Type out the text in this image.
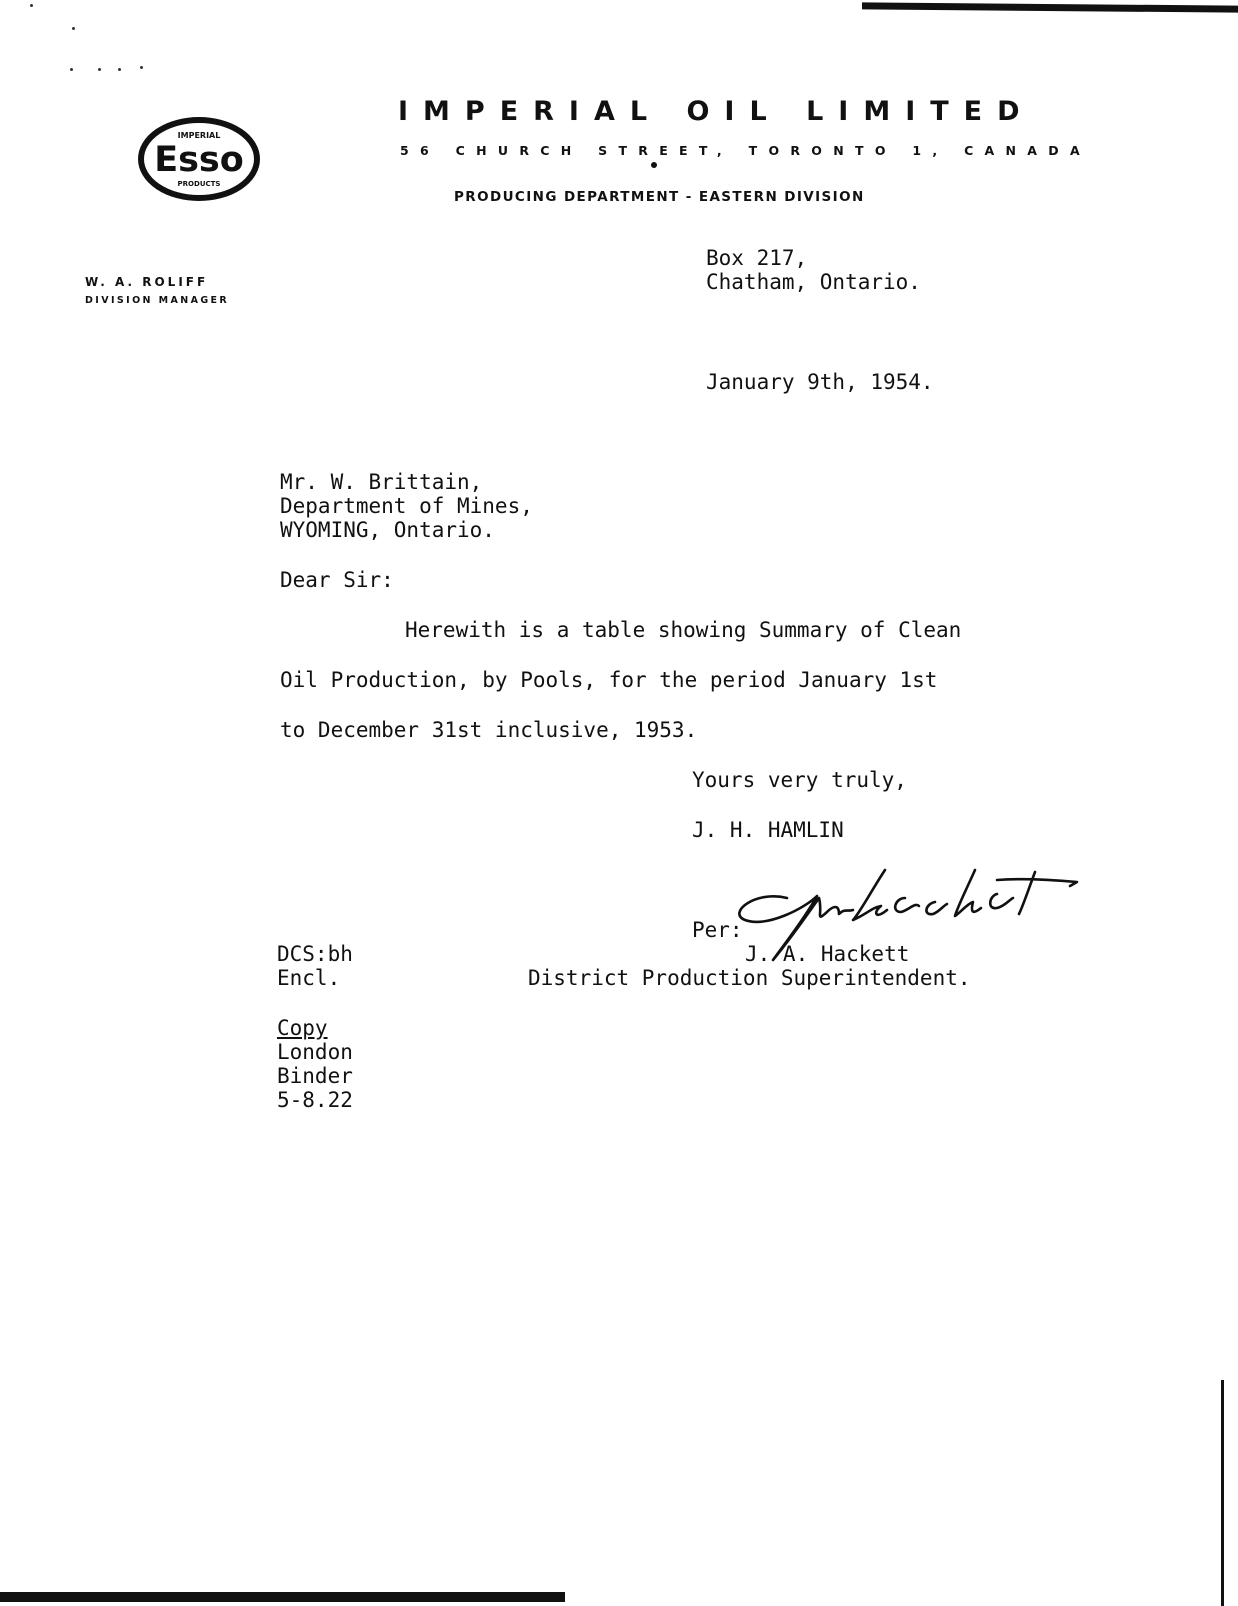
IMPERIAL
Esso
PRODUCTS
IMPERIAL OIL LIMITED
56 CHURCH STREET, TORONTO 1, CANADA
PRODUCING DEPARTMENT - EASTERN DIVISION
W. A. ROLIFF
DIVISION MANAGER
Box 217,
Chatham, Ontario.
January 9th, 1954.
Mr. W. Brittain,
Department of Mines,
WYOMING, Ontario.
Dear Sir:
Herewith is a table showing Summary of Clean
Oil Production, by Pools, for the period January 1st
to December 31st inclusive, 1953.
Yours very truly,
J. H. HAMLIN
Per:
J. A. Hackett
District Production Superintendent.
DCS:bh
Encl.
Copy
London
Binder
5-8.22
